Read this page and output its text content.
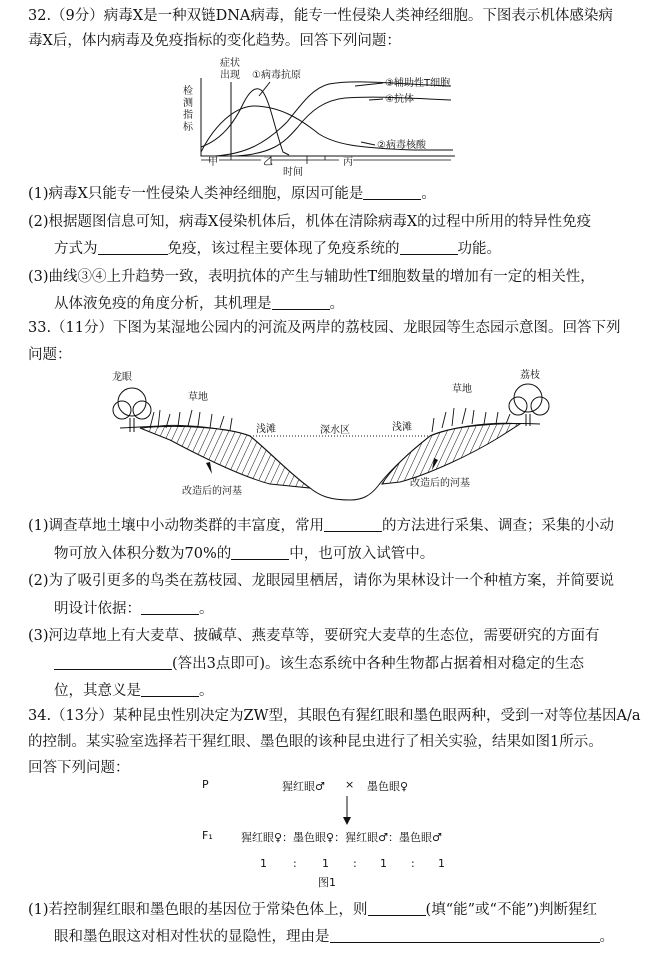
32.（9分）病毒X是一种双链DNA病毒，能专一性侵染人类神经细胞。下图表示机体感染病
毒X后，体内病毒及免疫指标的变化趋势。回答下列问题：
检
测
指
标
症状
出现 ①病毒抗原
③辅助性T细胞
④抗体
②病毒核酸
甲	乙	丙
时间
(1)病毒X只能专一性侵染人类神经细胞，原因可能是	。
(2)根据题图信息可知，病毒X侵染机体后，机体在清除病毒X的过程中所用的特异性免疫
方式为	免疫，该过程主要体现了免疫系统的	功能。
(3)曲线③④上升趋势一致，表明抗体的产生与辅助性T细胞数量的增加有一定的相关性，
从体液免疫的角度分析，其机理是	。
33.（11分）下图为某湿地公园内的河流及两岸的荔枝园、龙眼园等生态园示意图。回答下列
问题：
龙眼
草地
浅滩	深水区	浅滩
草地
荔枝
改造后的河基
改造后的河基
(1)调查草地土壤中小动物类群的丰富度，常用	的方法进行采集、调查；采集的小动
物可放入体积分数为70%的	中，也可放入试管中。
(2)为了吸引更多的鸟类在荔枝园、龙眼园里栖居，请你为果林设计一个种植方案，并简要说
明设计依据：	。
(3)河边草地上有大麦草、披碱草、燕麦草等，要研究大麦草的生态位，需要研究的方面有
(答出3点即可)。该生态系统中各种生物都占据着相对稳定的生态
位，其意义是	。
34.（13分）某种昆虫性别决定为ZW型，其眼色有猩红眼和墨色眼两种，受到一对等位基因A/a
的控制。某实验室选择若干猩红眼、墨色眼的该种昆虫进行了相关实验，结果如图1所示。
回答下列问题：
P	猩红眼♂ × 墨色眼♀
F₁	猩红眼♀：墨色眼♀：猩红眼♂：墨色眼♂
1 : 1 : 1 : 1
图1
(1)若控制猩红眼和墨色眼的基因位于常染色体上，则	(填“能”或“不能”)判断猩红
眼和墨色眼这对相对性状的显隐性，理由是	。
